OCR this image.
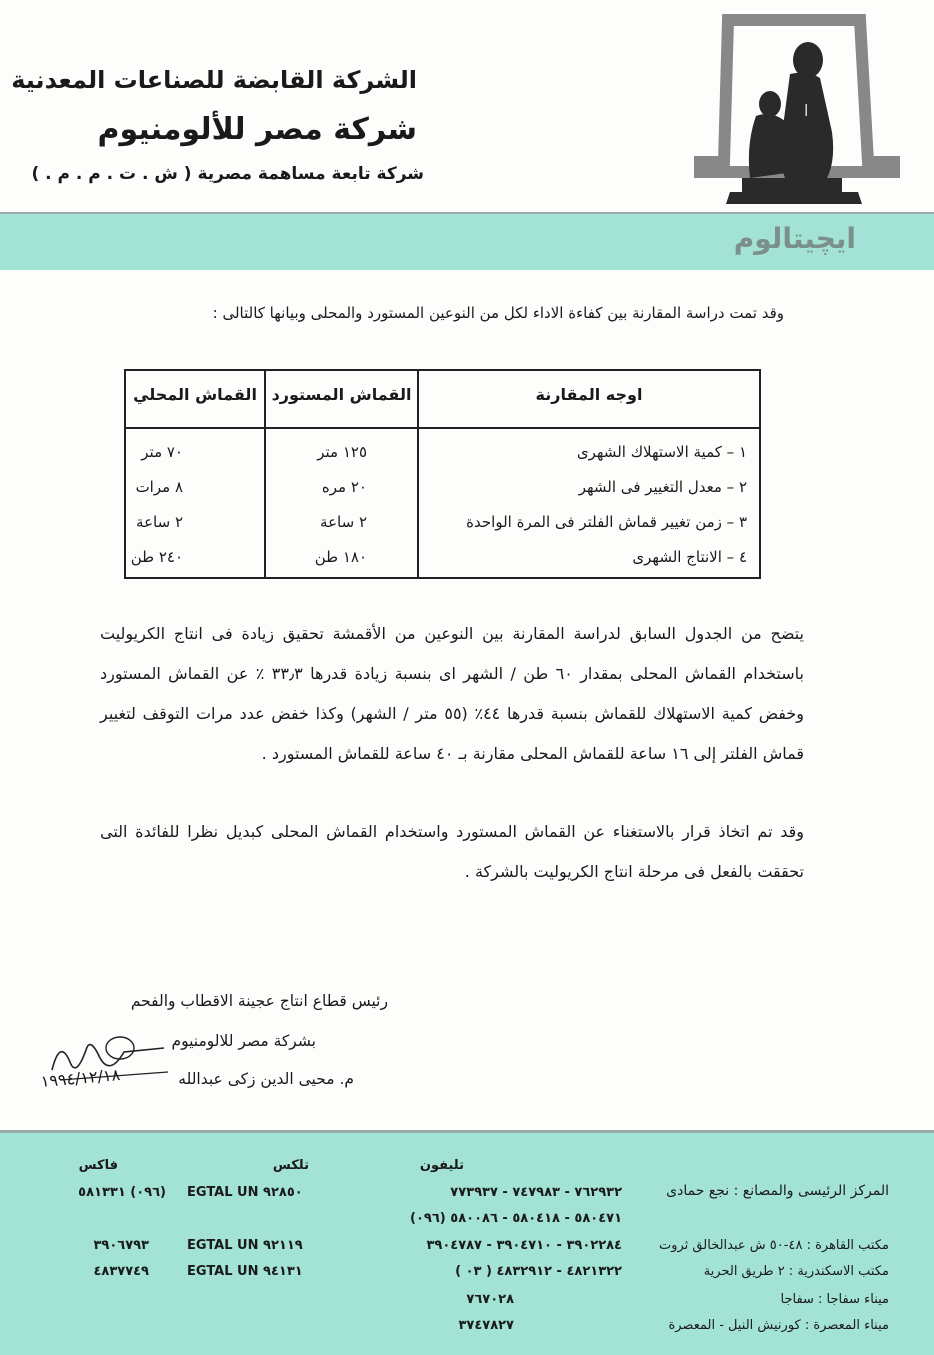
الشركة القابضة للصناعات المعدنية
شركة مصر للألومنيوم
شركة تابعة مساهمة مصرية ( ش . ت . م . م . )
ا
ايچيتالوم
وقد تمت دراسة المقارنة بين كفاءة الاداء لكل من النوعين المستورد والمحلى وبيانها كالتالى :
اوجه المقارنة
القماش المستورد
القماش المحلي
١ – كمية الاستهلاك الشهرى
١٢٥ متر
٧٠ متر
٢ – معدل التغيير فى الشهر
٢٠ مره
٨ مرات
٣ – زمن تغيير قماش الفلتر فى المرة الواحدة
٢ ساعة
٢ ساعة
٤ – الانتاج الشهرى
١٨٠ طن
٢٤٠ طن
يتضح من الجدول السابق لدراسة المقارنة بين النوعين من الأقمشة تحقيق زيادة فى انتاج الكريوليت باستخدام القماش المحلى بمقدار ٦٠ طن / الشهر اى بنسبة زيادة قدرها ٣٣٫٣ ٪ عن القماش المستورد وخفض كمية الاستهلاك للقماش بنسبة قدرها ٤٤٪ (٥٥ متر / الشهر) وكذا خفض عدد مرات التوقف لتغيير قماش الفلتر إلى ١٦ ساعة للقماش المحلى مقارنة بـ ٤٠ ساعة للقماش المستورد .
وقد تم اتخاذ قرار بالاستغناء عن القماش المستورد واستخدام القماش المحلى كبديل نظرا للفائدة التى تحققت بالفعل فى مرحلة انتاج الكريوليت بالشركة .
رئيس قطاع انتاج عجينة الاقطاب والفحم
بشركة مصر للالومنيوم
م. محيى الدين زكى عبدالله
١٩٩٤/١٢/١٨
تليفون
تلكس
فاكس
المركز الرئيسى والمصانع : نجع حمادى
مكتب القاهرة : ٤٨-٥٠ ش عبدالخالق ثروت
مكتب الاسكندرية : ٢ طريق الحرية
ميناء سفاجا : سفاجا
ميناء المعصرة : كورنيش النيل - المعصرة
٧٦٢٩٣٢ - ٧٤٧٩٨٣ - ٧٧٣٩٣٧
٥٨٠٤٧١ - ٥٨٠٤١٨ - ٥٨٠٠٨٦ (٠٩٦)
٣٩٠٢٢٨٤ - ٣٩٠٤٧١٠ - ٣٩٠٤٧٨٧
٤٨٢١٣٢٢ - ٤٨٣٢٩١٢ ( ٠٣ )
٧٦٧٠٢٨
٣٧٤٧٨٢٧
EGTAL UN ٩٢٨٥٠
EGTAL UN ٩٢١١٩
EGTAL UN ٩٤١٣١
(٠٩٦) ٥٨١٣٣١
٣٩٠٦٧٩٣
٤٨٣٧٧٤٩
